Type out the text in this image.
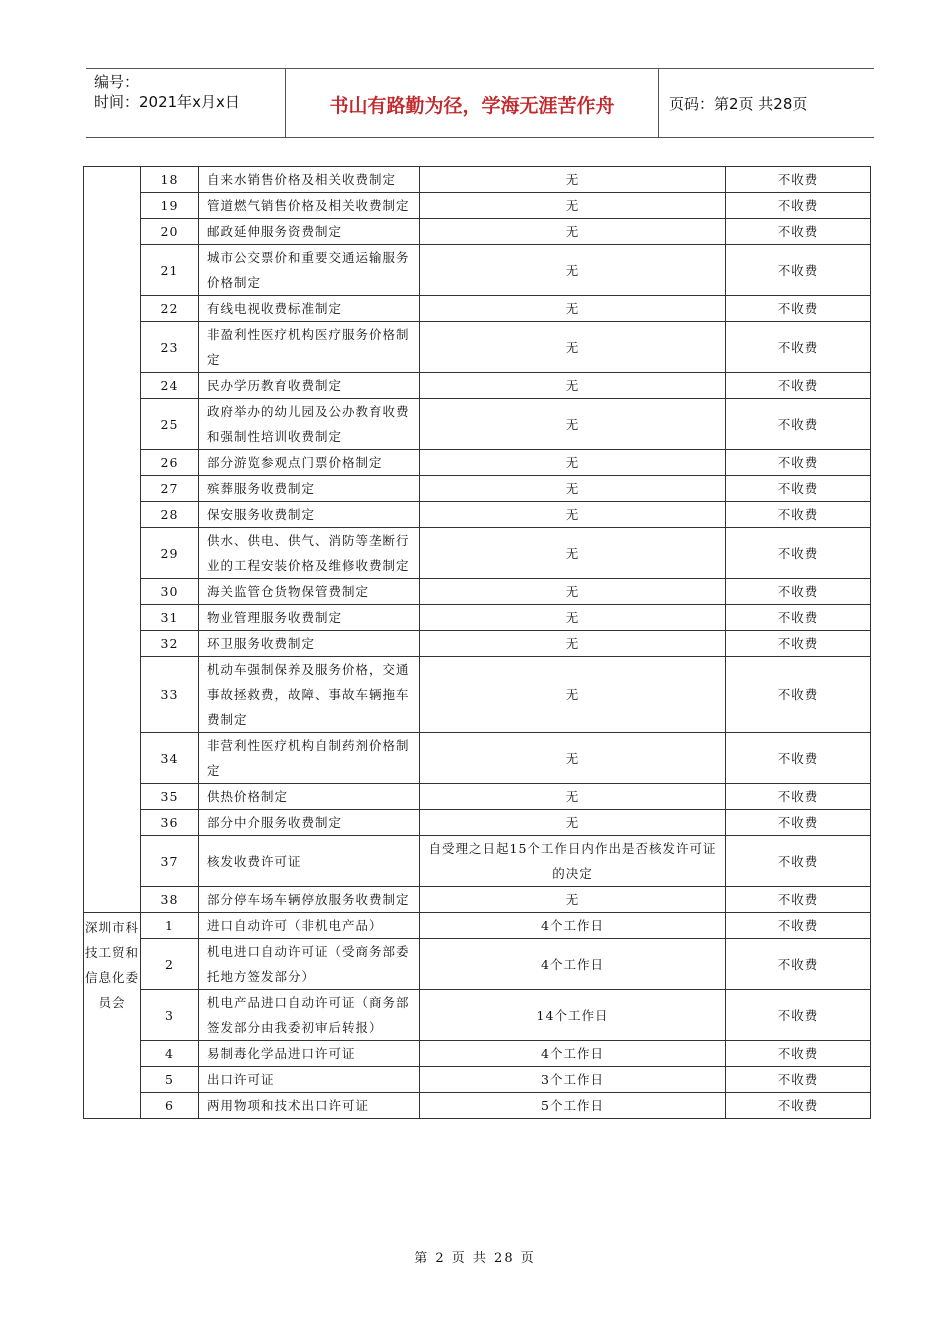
编号：
时间：2021年x月x日	书山有路勤为径，学海无涯苦作舟	页码：第2页 共28页
	18	自来水销售价格及相关收费制定	无	不收费
	19	管道燃气销售价格及相关收费制定	无	不收费
	20	邮政延伸服务资费制定	无	不收费
	21	城市公交票价和重要交通运输服务价格制定	无	不收费
	22	有线电视收费标准制定	无	不收费
	23	非盈利性医疗机构医疗服务价格制定	无	不收费
	24	民办学历教育收费制定	无	不收费
	25	政府举办的幼儿园及公办教育收费和强制性培训收费制定	无	不收费
	26	部分游览参观点门票价格制定	无	不收费
	27	殡葬服务收费制定	无	不收费
	28	保安服务收费制定	无	不收费
	29	供水、供电、供气、消防等垄断行业的工程安装价格及维修收费制定	无	不收费
	30	海关监管仓货物保管费制定	无	不收费
	31	物业管理服务收费制定	无	不收费
	32	环卫服务收费制定	无	不收费
	33	机动车强制保养及服务价格，交通事故拯救费，故障、事故车辆拖车费制定	无	不收费
	34	非营利性医疗机构自制药剂价格制定	无	不收费
	35	供热价格制定	无	不收费
	36	部分中介服务收费制定	无	不收费
	37	核发收费许可证	自受理之日起15个工作日内作出是否核发许可证的决定	不收费
	38	部分停车场车辆停放服务收费制定	无	不收费
深圳市科技工贸和信息化委员会	1	进口自动许可（非机电产品）	4个工作日	不收费
	2	机电进口自动许可证（受商务部委托地方签发部分）	4个工作日	不收费
	3	机电产品进口自动许可证（商务部签发部分由我委初审后转报）	14个工作日	不收费
	4	易制毒化学品进口许可证	4个工作日	不收费
	5	出口许可证	3个工作日	不收费
	6	两用物项和技术出口许可证	5个工作日	不收费
第 2 页 共 28 页
